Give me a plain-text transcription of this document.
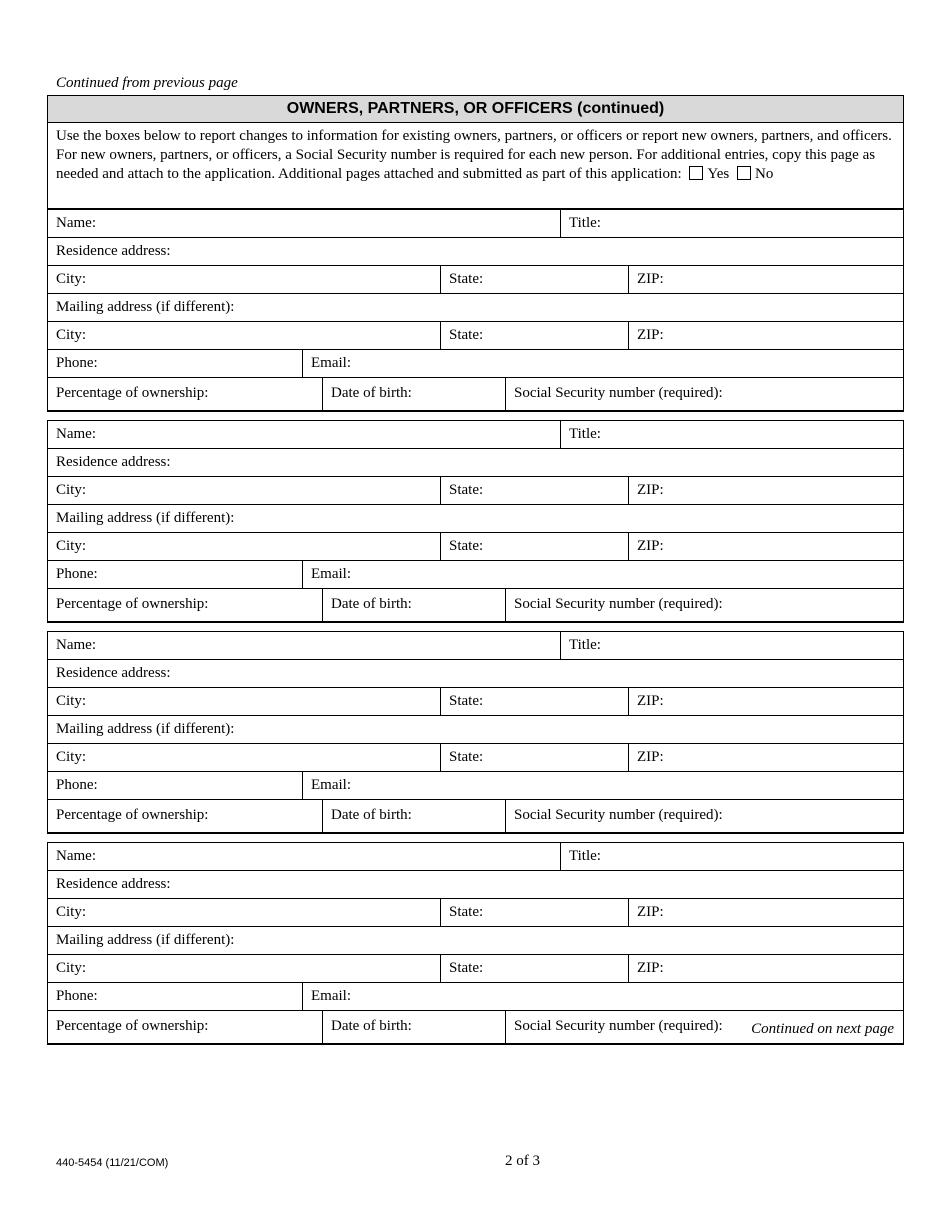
Continued from previous page
OWNERS, PARTNERS, OR OFFICERS (continued)
Use the boxes below to report changes to information for existing owners, partners, or officers or report new owners, partners, and officers. For new owners, partners, or officers, a Social Security number is required for each new person. For additional entries, copy this page as needed and attach to the application. Additional pages attached and submitted as part of this application: Yes No
Name:	Title:
Residence address:
City:	State:	ZIP:
Mailing address (if different):
City:	State:	ZIP:
Phone:	Email:
Percentage of ownership:	Date of birth:	Social Security number (required):
Name:	Title:
Residence address:
City:	State:	ZIP:
Mailing address (if different):
City:	State:	ZIP:
Phone:	Email:
Percentage of ownership:	Date of birth:	Social Security number (required):
Name:	Title:
Residence address:
City:	State:	ZIP:
Mailing address (if different):
City:	State:	ZIP:
Phone:	Email:
Percentage of ownership:	Date of birth:	Social Security number (required):
Name:	Title:
Residence address:
City:	State:	ZIP:
Mailing address (if different):
City:	State:	ZIP:
Phone:	Email:
Percentage of ownership:	Date of birth:	Social Security number (required):	Continued on next page
440-5454 (11/21/COM)	2 of 3
